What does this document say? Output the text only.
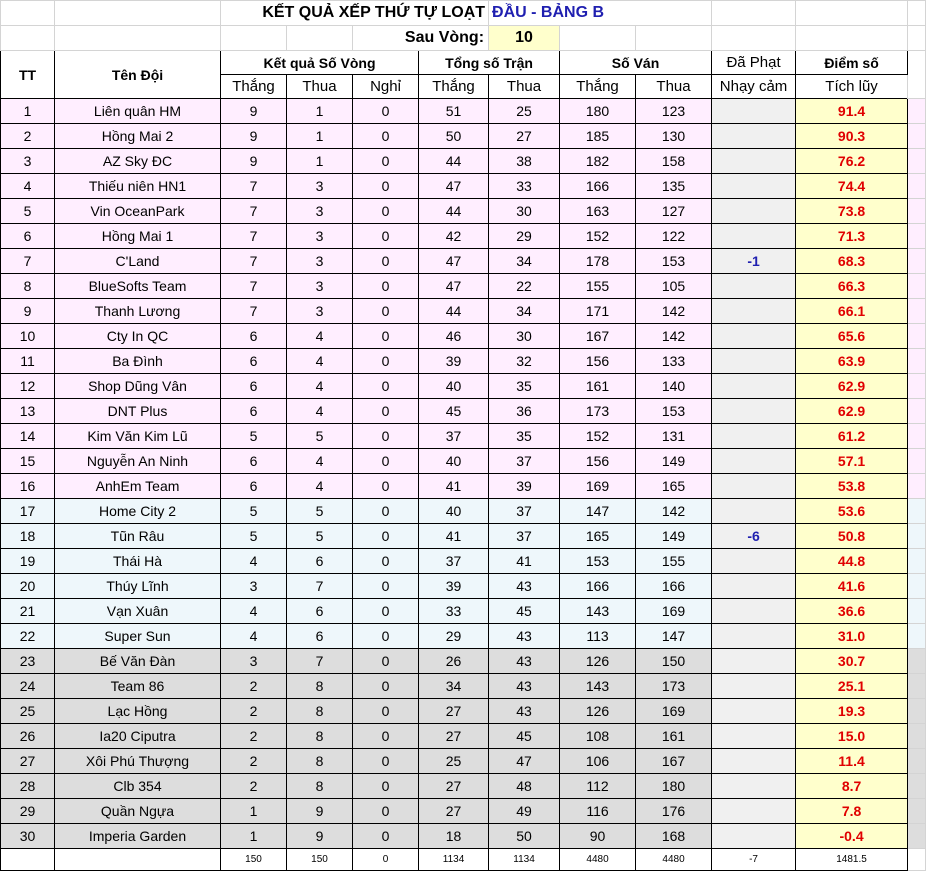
		KẾT QUẢ XẾP THỨ TỰ LOẠT				ĐẦU - BẢNG B					
				Sau Vòng:		10					
TT	Tên Đội	Kết quả Số Vòng			Tổng số Trận		Số Ván		Đã Phạt	Điểm số	
		Thắng	Thua	Nghỉ	Thắng	Thua	Thắng	Thua	Nhạy cảm	Tích lũy	
1	Liên quân HM	9	1	0	51	25	180	123		91.4	
2	Hồng Mai 2	9	1	0	50	27	185	130		90.3	
3	AZ Sky ĐC	9	1	0	44	38	182	158		76.2	
4	Thiếu niên HN1	7	3	0	47	33	166	135		74.4	
5	Vin OceanPark	7	3	0	44	30	163	127		73.8	
6	Hồng Mai 1	7	3	0	42	29	152	122		71.3	
7	C'Land	7	3	0	47	34	178	153	-1	68.3	
8	BlueSofts Team	7	3	0	47	22	155	105		66.3	
9	Thanh Lương	7	3	0	44	34	171	142		66.1	
10	Cty In QC	6	4	0	46	30	167	142		65.6	
11	Ba Đình	6	4	0	39	32	156	133		63.9	
12	Shop Dũng Vân	6	4	0	40	35	161	140		62.9	
13	DNT Plus	6	4	0	45	36	173	153		62.9	
14	Kim Văn Kim Lũ	5	5	0	37	35	152	131		61.2	
15	Nguyễn An Ninh	6	4	0	40	37	156	149		57.1	
16	AnhEm Team	6	4	0	41	39	169	165		53.8	
17	Home City 2	5	5	0	40	37	147	142		53.6	
18	Tũn Râu	5	5	0	41	37	165	149	-6	50.8	
19	Thái Hà	4	6	0	37	41	153	155		44.8	
20	Thúy Lĩnh	3	7	0	39	43	166	166		41.6	
21	Vạn Xuân	4	6	0	33	45	143	169		36.6	
22	Super Sun	4	6	0	29	43	113	147		31.0	
23	Bế Văn Đàn	3	7	0	26	43	126	150		30.7	
24	Team 86	2	8	0	34	43	143	173		25.1	
25	Lạc Hồng	2	8	0	27	43	126	169		19.3	
26	Ia20 Ciputra	2	8	0	27	45	108	161		15.0	
27	Xôi Phú Thượng	2	8	0	25	47	106	167		11.4	
28	Clb 354	2	8	0	27	48	112	180		8.7	
29	Quần Ngựa	1	9	0	27	49	116	176		7.8	
30	Imperia Garden	1	9	0	18	50	90	168		-0.4	
		150	150	0	1134	1134	4480	4480	-7	1481.5	
